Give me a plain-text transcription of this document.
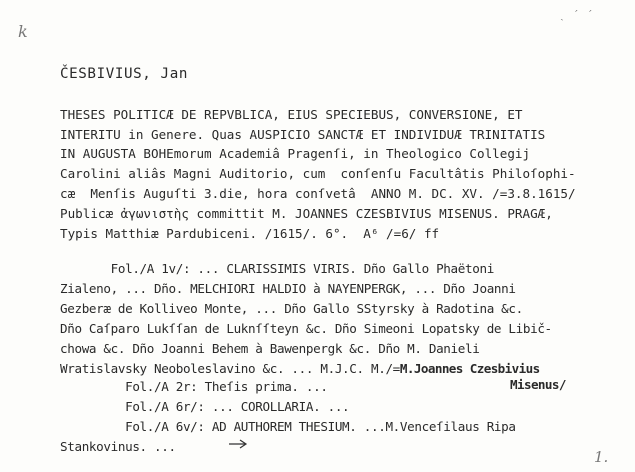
k
ˎ ′ ′
1.
ČESBIVIUS, Jan
THESES POLITICÆ DE REPVBLICA, EIUS SPECIEBUS, CONVERSIONE, ET
INTERITU in Genere. Quas AUSPICIO SANCTÆ ET INDIVIDUÆ TRINITATIS
IN AUGUSTA BOHEmorum Academiâ Pragenſi, in Theologico Collegij
Carolini aliâs Magni Auditorio, cum  conſenſu Facultâtis Philoſophi-
cæ  Menſis Auguſti 3.die, hora conſvetâ  ANNO M. DC. XV. /=3.8.1615/
Publicæ ἀγωνιστὴς committit M. JOANNES CZESBIVIUS MISENUS. PRAGÆ,
Typis Matthiæ Pardubiceni. /1615/. 6°.  A⁶ /=6/ ff
Fol./A 1v/: ... CLARISSIMIS VIRIS. Dño Gallo Phaëtoni
Zialeno, ... Dño. MELCHIORI HALDIO à NAYENPERGK, ... Dño Joanni
Gezberæ de Kolliveo Monte, ... Dño Gallo SStyrsky à Radotina &c.
Dño Caſparo Lukſſan de Luknſſteyn &c. Dño Simeoni Lopatsky de Libič-
chowa &c. Dño Joanni Behem à Bawenpergk &c. Dño M. Danieli
Wratislavsky Neoboleslavino &c. ... M.J.C. M./=M.Joannes Czesbivius
Fol./A 2r: Theſis prima. ...	Misenus/
Fol./A 6r/: ... COROLLARIA. ...
Fol./A 6v/: AD AUTHOREM THESIUM. ...M.Venceſilaus Ripa
Stankovinus. ...
